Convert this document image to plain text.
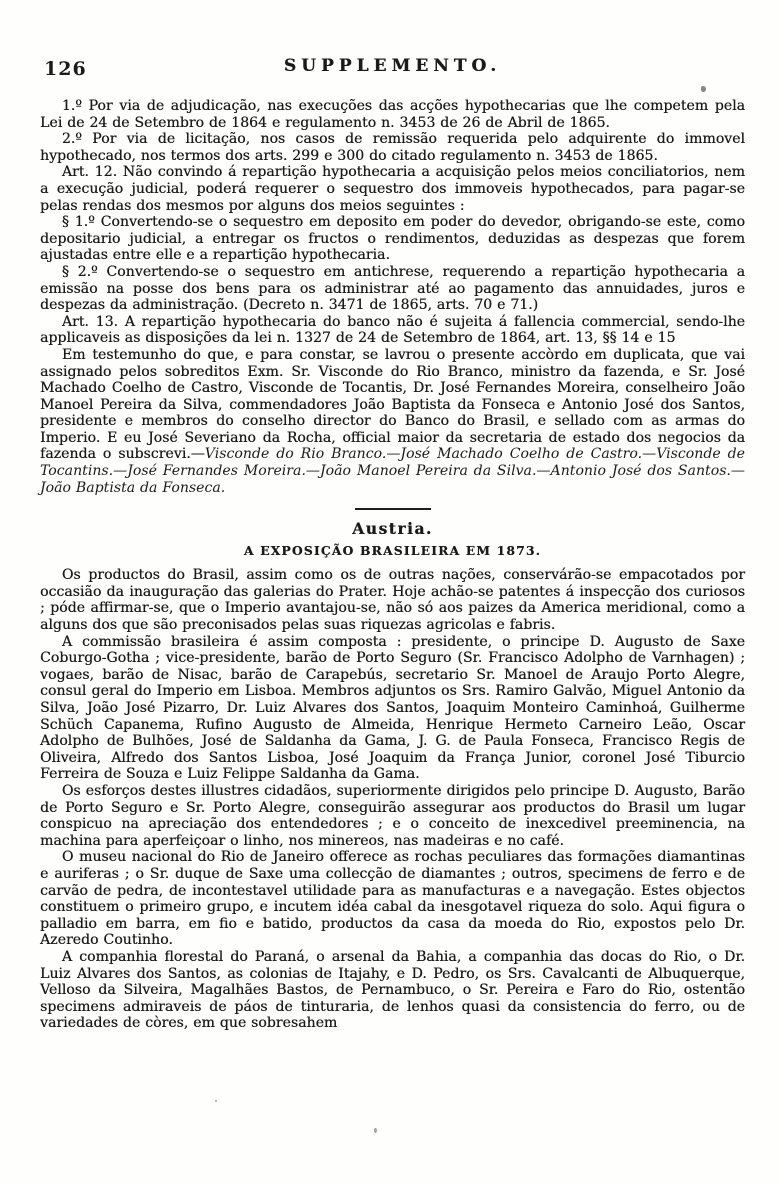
126	SUPPLEMENTO.

1.º Por via de adjudicação, nas execuções das acções hypothecarias que lhe competem pela Lei de 24 de Setembro de 1864 e regulamento n. 3453 de 26 de Abril de 1865.

2.º Por via de licitação, nos casos de remissão requerida pelo adquirente do immovel hypothecado, nos termos dos arts. 299 e 300 do citado regulamento n. 3453 de 1865.

Art. 12. Não convindo á repartição hypothecaria a acquisição pelos meios conciliatorios, nem a execução judicial, poderá requerer o sequestro dos immoveis hypothecados, para pagar-se pelas rendas dos mesmos por alguns dos meios seguintes :

§ 1.º Convertendo-se o sequestro em deposito em poder do devedor, obrigando-se este, como depositario judicial, a entregar os fructos o rendimentos, deduzidas as despezas que forem ajustadas entre elle e a repartição hypothecaria.

§ 2.º Convertendo-se o sequestro em antichrese, requerendo a repartição hypothecaria a emissão na posse dos bens para os administrar até ao pagamento das annuidades, juros e despezas da administração. (Decreto n. 3471 de 1865, arts. 70 e 71.)

Art. 13. A repartição hypothecaria do banco não é sujeita á fallencia commercial, sendo-lhe applicaveis as disposições da lei n. 1327 de 24 de Setembro de 1864, art. 13, §§ 14 e 15

Em testemunho do que, e para constar, se lavrou o presente accòrdo em duplicata, que vai assignado pelos sobreditos Exm. Sr. Visconde do Rio Branco, ministro da fazenda, e Sr. José Machado Coelho de Castro, Visconde de Tocantis, Dr. José Fernandes Moreira, conselheiro João Manoel Pereira da Silva, commendadores João Baptista da Fonseca e Antonio José dos Santos, presidente e membros do conselho director do Banco do Brasil, e sellado com as armas do Imperio. E eu José Severiano da Rocha, official maior da secretaria de estado dos negocios da fazenda o subscrevi.—Visconde do Rio Branco.—José Machado Coelho de Castro.—Visconde de Tocantins.—José Fernandes Moreira.—João Manoel Pereira da Silva.—Antonio José dos Santos.—João Baptista da Fonseca.

Austria.
A EXPOSIÇÃO BRASILEIRA EM 1873.

Os productos do Brasil, assim como os de outras nações, conservárão-se empacotados por occasião da inauguração das galerias do Prater. Hoje achão-se patentes á inspecção dos curiosos ; póde affirmar-se, que o Imperio avantajou-se, não só aos paizes da America meridional, como a alguns dos que são preconisados pelas suas riquezas agricolas e fabris.

A commissão brasileira é assim composta : presidente, o principe D. Augusto de Saxe Coburgo-Gotha ; vice-presidente, barão de Porto Seguro (Sr. Francisco Adolpho de Varnhagen) ; vogaes, barão de Nisac, barão de Carapebús, secretario Sr. Manoel de Araujo Porto Alegre, consul geral do Imperio em Lisboa. Membros adjuntos os Srs. Ramiro Galvão, Miguel Antonio da Silva, João José Pizarro, Dr. Luiz Alvares dos Santos, Joaquim Monteiro Caminhoá, Guilherme Schüch Capanema, Rufino Augusto de Almeida, Henrique Hermeto Carneiro Leão, Oscar Adolpho de Bulhões, José de Saldanha da Gama, J. G. de Paula Fonseca, Francisco Regis de Oliveira, Alfredo dos Santos Lisboa, José Joaquim da França Junior, coronel José Tiburcio Ferreira de Souza e Luiz Felippe Saldanha da Gama.

Os esforços destes illustres cidadãos, superiormente dirigidos pelo principe D. Augusto, Barão de Porto Seguro e Sr. Porto Alegre, conseguirão assegurar aos productos do Brasil um lugar conspicuo na apreciação dos entendedores ; e o conceito de inexcedivel preeminencia, na machina para aperfeiçoar o linho, nos minereos, nas madeiras e no café.

O museu nacional do Rio de Janeiro offerece as rochas peculiares das formações diamantinas e auriferas ; o Sr. duque de Saxe uma collecção de diamantes ; outros, specimens de ferro e de carvão de pedra, de incontestavel utilidade para as manufacturas e a navegação. Estes objectos constituem o primeiro grupo, e incutem idéa cabal da inesgotavel riqueza do solo. Aqui figura o palladio em barra, em fio e batido, productos da casa da moeda do Rio, expostos pelo Dr. Azeredo Coutinho.

A companhia florestal do Paraná, o arsenal da Bahia, a companhia das docas do Rio, o Dr. Luiz Alvares dos Santos, as colonias de Itajahy, e D. Pedro, os Srs. Cavalcanti de Albuquerque, Velloso da Silveira, Magalhães Bastos, de Pernambuco, o Sr. Pereira e Faro do Rio, ostentão specimens admiraveis de páos de tinturaria, de lenhos quasi da consistencia do ferro, ou de variedades de còres, em que sobresahem
